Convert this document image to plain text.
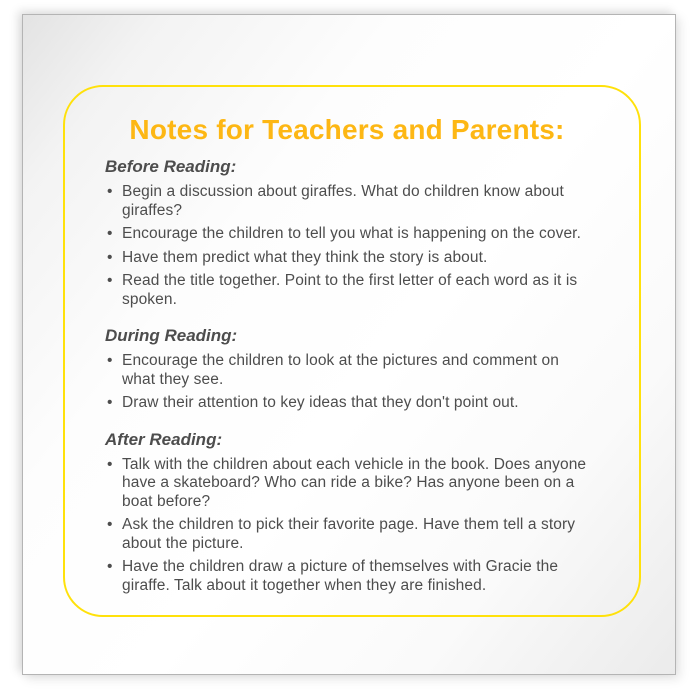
Notes for Teachers and Parents:
Before Reading:
• Begin a discussion about giraffes. What do children know about giraffes?
• Encourage the children to tell you what is happening on the cover.
• Have them predict what they think the story is about.
• Read the title together. Point to the first letter of each word as it is spoken.
During Reading:
• Encourage the children to look at the pictures and comment on what they see.
• Draw their attention to key ideas that they don't point out.
After Reading:
• Talk with the children about each vehicle in the book. Does anyone have a skateboard? Who can ride a bike? Has anyone been on a boat before?
• Ask the children to pick their favorite page. Have them tell a story about the picture.
• Have the children draw a picture of themselves with Gracie the giraffe. Talk about it together when they are finished.
